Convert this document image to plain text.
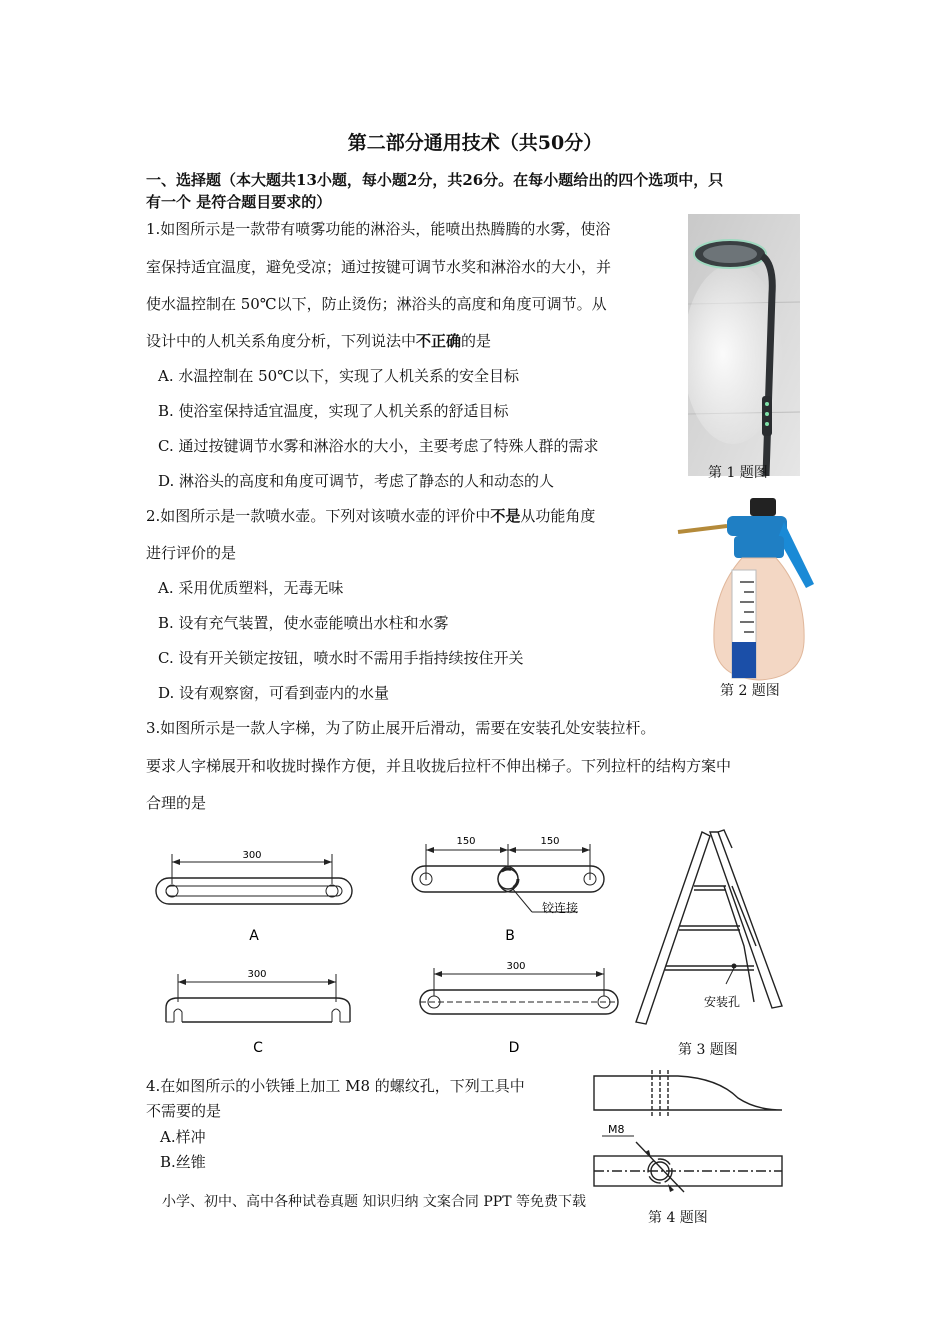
第二部分通用技术（共50分）
一、选择题（本大题共13小题，每小题2分，共26分。在每小题给出的四个选项中，只
有一个 是符合题目要求的）
1.如图所示是一款带有喷雾功能的淋浴头，能喷出热腾腾的水雾，使浴
室保持适宜温度，避免受凉；通过按键可调节水奖和淋浴水的大小，并
使水温控制在 50℃以下，防止烫伤；淋浴头的高度和角度可调节。从
设计中的人机关系角度分析，下列说法中不正确的是
A. 水温控制在 50℃以下，实现了人机关系的安全目标
B. 使浴室保持适宜温度，实现了人机关系的舒适目标
C. 通过按键调节水雾和淋浴水的大小，主要考虑了特殊人群的需求
D. 淋浴头的高度和角度可调节，考虑了静态的人和动态的人	第 1 题图
2.如图所示是一款喷水壶。下列对该喷水壶的评价中不是从功能角度
进行评价的是
A. 采用优质塑料，无毒无味
B. 设有充气装置，使水壶能喷出水柱和水雾
C. 设有开关锁定按钮，喷水时不需用手指持续按住开关
D. 设有观察窗，可看到壶内的水量	第 2 题图
3.如图所示是一款人字梯，为了防止展开后滑动，需要在安装孔处安装拉杆。
要求人字梯展开和收拢时操作方便，并且收拢后拉杆不伸出梯子。下列拉杆的结构方案中
合理的是
300
A
150	150
铰连接
B
300
C
300
D
安装孔
第 3 题图
4.在如图所示的小铁锤上加工 M8 的螺纹孔，下列工具中
不需要的是
A.样冲
B.丝锥
M8
小学、初中、高中各种试卷真题 知识归纳 文案合同 PPT 等免费下载
第 4 题图
